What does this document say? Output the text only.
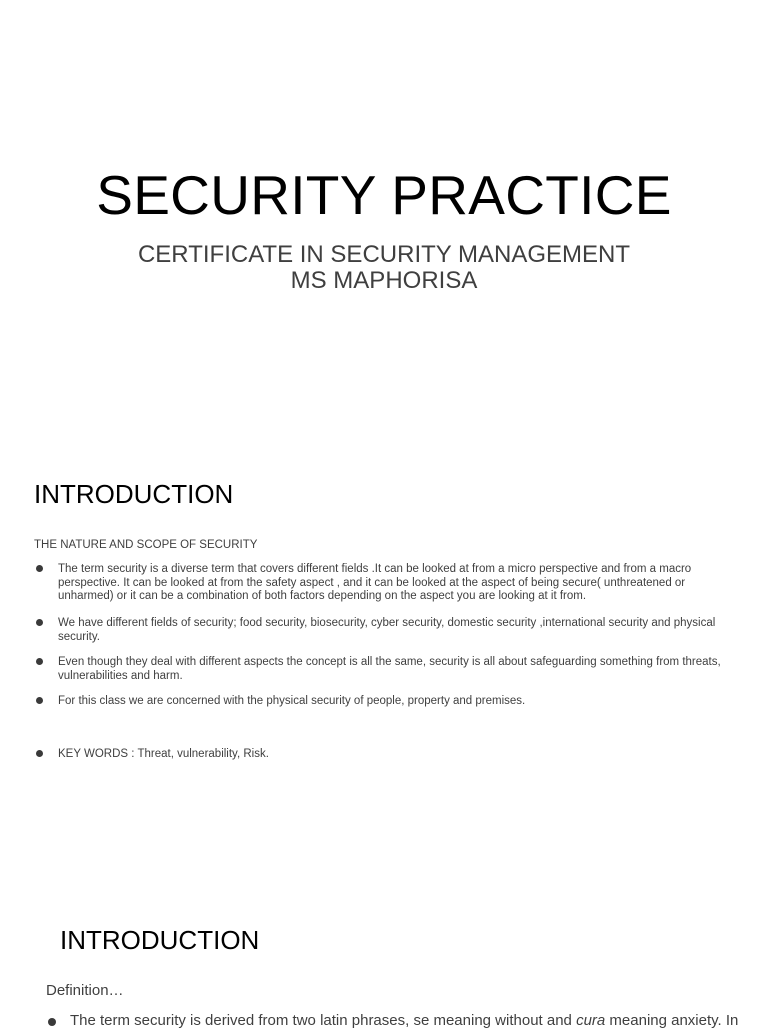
SECURITY PRACTICE
CERTIFICATE IN SECURITY MANAGEMENT
MS MAPHORISA
INTRODUCTION
THE NATURE AND SCOPE OF SECURITY
The term security is a diverse term that covers different fields .It can be looked at from a micro perspective and from a macro perspective. It can be looked at from the safety aspect , and it can be looked at the aspect of being secure( unthreatened or unharmed) or it can be a combination of both factors depending on the aspect you are looking at it from.
We have different fields of security; food security, biosecurity, cyber security, domestic security ,international security and physical security.
Even though they deal with different aspects the concept is all the same, security is all about safeguarding something from threats, vulnerabilities and harm.
For this class we are concerned with the physical security of people, property and premises.
KEY WORDS : Threat, vulnerability, Risk.
INTRODUCTION
Definition…
The term security is derived from two latin phrases, se meaning without and cura meaning anxiety. In
